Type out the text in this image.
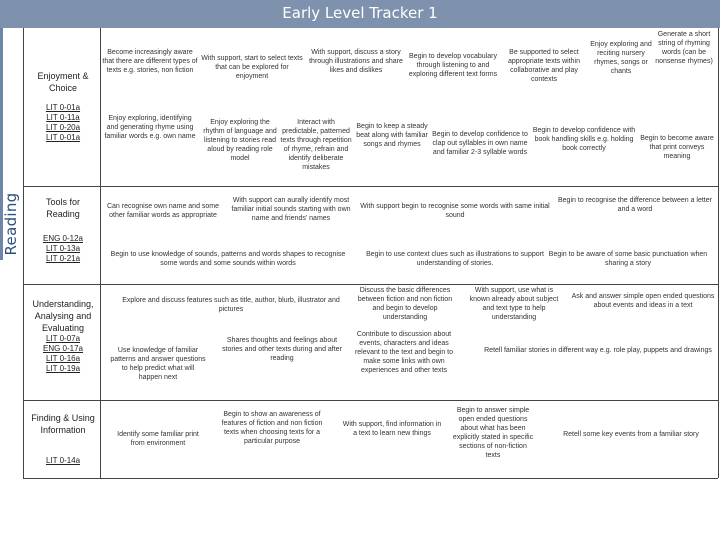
Early Level Tracker 1
Reading
Enjoyment & Choice
LIT 0-01a
LIT 0-11a
LIT 0-20a
LIT 0-01a
Become increasingly aware that there are different types of texts e.g. stories, non fiction
With support, start to select texts that can be explored for enjoyment
With support, discuss a story through illustrations and share likes and dislikes
Begin to develop vocabulary through listening to and exploring different text forms
Be supported to select appropriate texts within collaborative and play contexts
Enjoy exploring and reciting nursery rhymes, songs or chants
Generate a short string of rhyming words (can be nonsense rhymes)
Enjoy exploring, identifying and generating rhyme using familiar words e.g. own name
Enjoy exploring the rhythm of language and listening to stories read aloud by reading role model
Interact with predictable, patterned texts through repetition of rhyme, refrain and identify deliberate mistakes
Begin to keep a steady beat along with familiar songs and rhymes
Begin to develop confidence to clap out syllables in own name and familiar 2-3 syllable words
Begin to develop confidence with book handling skills e.g. holding book correctly
Begin to become aware that print conveys meaning
Tools for Reading
ENG 0-12a
LIT 0-13a
LIT 0-21a
Can recognise own name and some other familiar words as appropriate
With support can aurally identify most familiar initial sounds starting with own name and friends' names
With support begin to recognise some words with same initial sound
Begin to recognise the difference between a letter and a word
Begin to use knowledge of sounds, patterns and words shapes to recognise some words and some sounds within words
Begin to use context clues such as illustrations to support understanding of stories.
Begin to be aware of some basic punctuation when sharing a story
Understanding, Analysing and Evaluating
LIT 0-07a
ENG 0-17a
LIT 0-16a
LIT 0-19a
Explore and discuss features such as title, author, blurb, illustrator and pictures
Discuss the basic differences between fiction and non fiction and begin to develop understanding
With support, use what is known already about subject and text type to help understanding
Ask and answer simple open ended questions about events and ideas in a text
Use knowledge of familiar patterns and answer questions to help predict what will happen next
Shares thoughts and feelings about stories and other texts during and after reading
Contribute to discussion about events, characters and ideas relevant to the text and begin to make some links with own experiences and other texts
Retell familiar stories in different way e.g. role play, puppets and drawings
Finding & Using Information
LIT 0-14a
Identify some familiar print from environment
Begin to show an awareness of features of fiction and non fiction texts when choosing texts for a particular purpose
With support, find information in a text to learn new things
Begin to answer simple open ended questions about what has been explicitly stated in specific sections of non-fiction texts
Retell some key events from a familiar story
